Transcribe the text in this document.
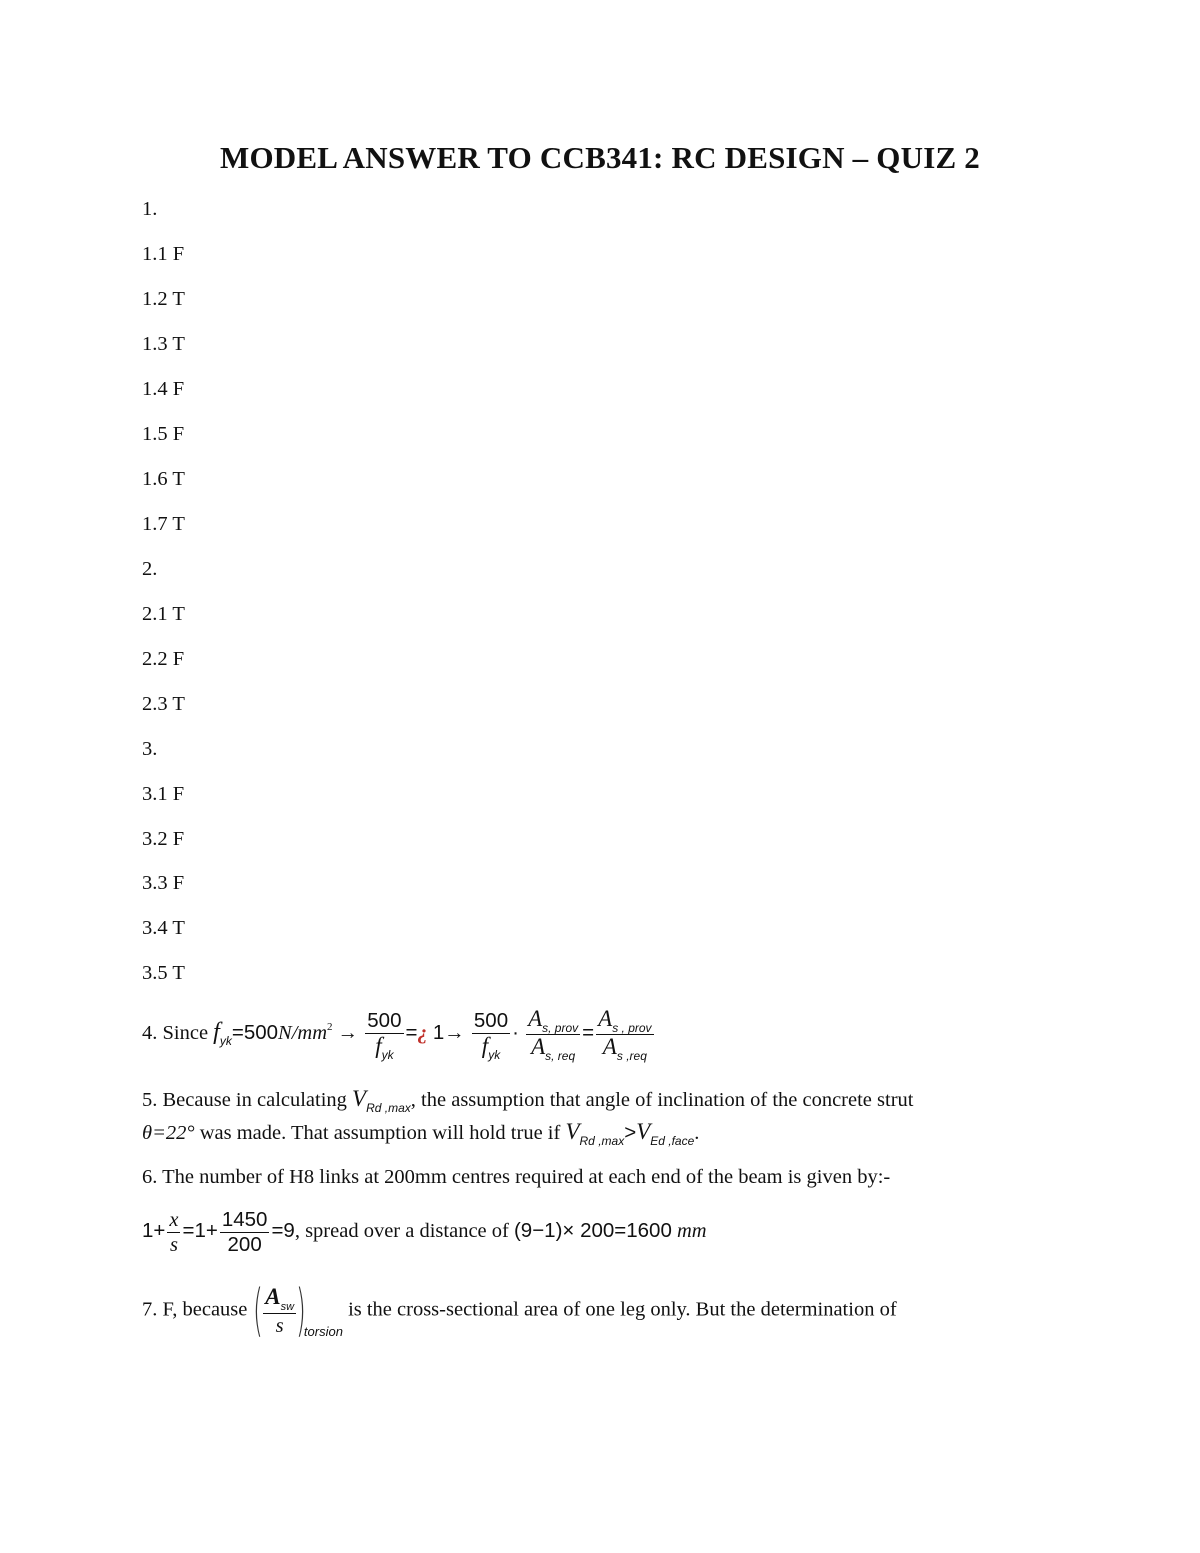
MODEL ANSWER TO CCB341: RC DESIGN – QUIZ 2
1.
1.1 F
1.2 T
1.3 T
1.4 F
1.5 F
1.6 T
1.7 T
2.
2.1 T
2.2 F
2.3 T
3.
3.1 F
3.2 F
3.3 F
3.4 T
3.5 T
4. Since $f_{yk}=500N/mm^2 \to \frac{500}{f_{yk}}$ =¿ $1\to \frac{500}{f_{yk}} \cdot \frac{A_{s, prov}}{A_{s, req}} = \frac{A_{s , prov}}{A_{s ,req}}$
5. Because in calculating $V_{Rd ,max}$, the assumption that angle of inclination of the concrete strut
θ=22° was made. That assumption will hold true if $V_{Rd ,max}>V_{Ed ,face}$.
6. The number of H8 links at 200mm centres required at each end of the beam is given by:-
$1+ \frac{x}{s} =1+ \frac{1450}{200} =9$, spread over a distance of (9−1)× 200=1600 mm
7. F, because ( $\frac{A_{sw}}{s} )_{torsion}$ is the cross-sectional area of one leg only. But the determination of
